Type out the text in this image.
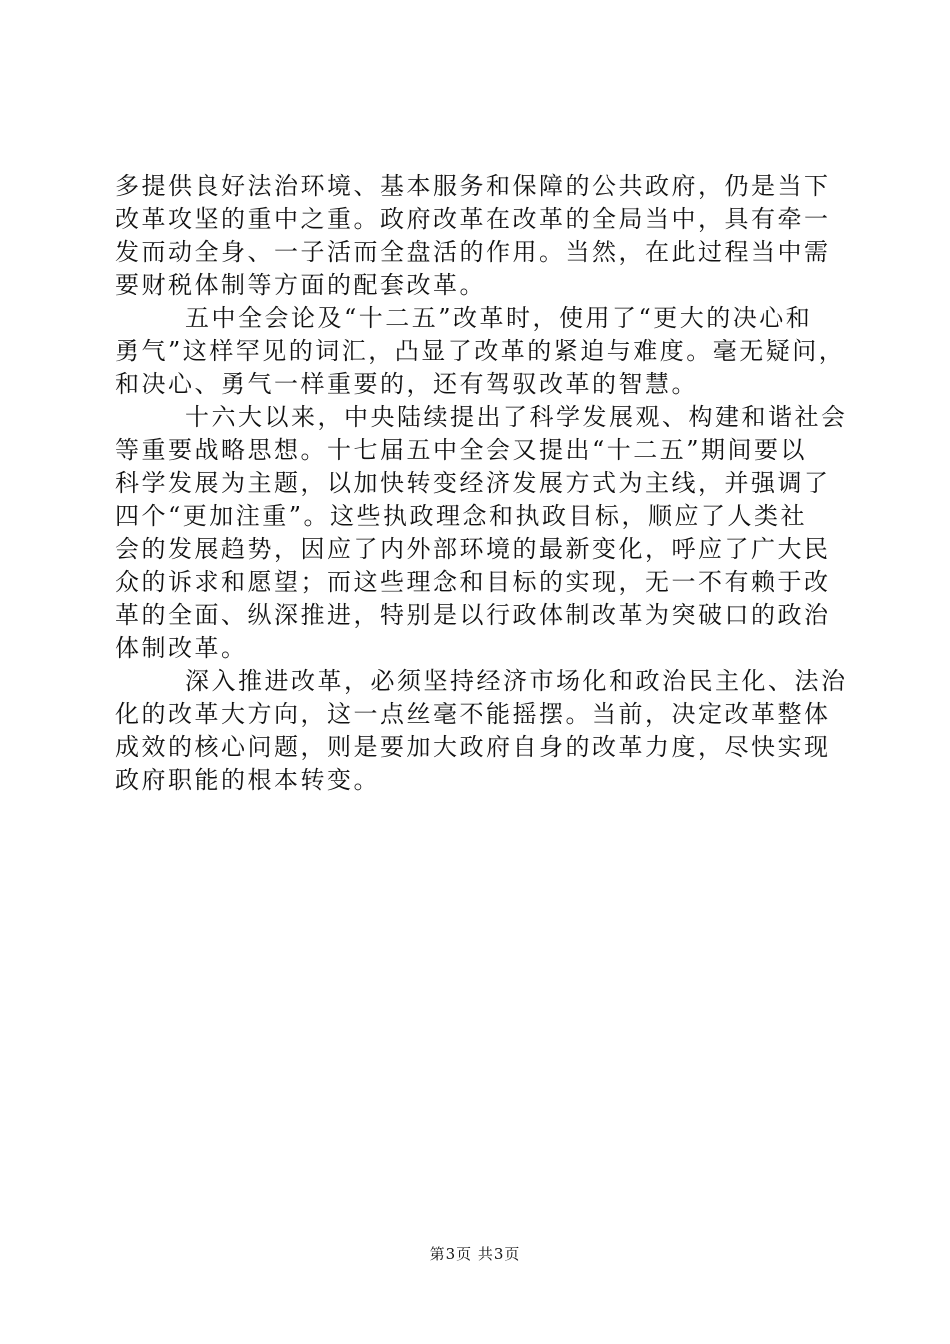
多提供良好法治环境、基本服务和保障的公共政府，仍是当下
改革攻坚的重中之重。政府改革在改革的全局当中，具有牵一
发而动全身、一子活而全盘活的作用。当然，在此过程当中需
要财税体制等方面的配套改革。

五中全会论及“十二五”改革时，使用了“更大的决心和
勇气”这样罕见的词汇，凸显了改革的紧迫与难度。毫无疑问，
和决心、勇气一样重要的，还有驾驭改革的智慧。

十六大以来，中央陆续提出了科学发展观、构建和谐社会
等重要战略思想。十七届五中全会又提出“十二五”期间要以
科学发展为主题，以加快转变经济发展方式为主线，并强调了
四个“更加注重”。这些执政理念和执政目标，顺应了人类社
会的发展趋势，因应了内外部环境的最新变化，呼应了广大民
众的诉求和愿望；而这些理念和目标的实现，无一不有赖于改
革的全面、纵深推进，特别是以行政体制改革为突破口的政治
体制改革。

深入推进改革，必须坚持经济市场化和政治民主化、法治
化的改革大方向，这一点丝毫不能摇摆。当前，决定改革整体
成效的核心问题，则是要加大政府自身的改革力度，尽快实现
政府职能的根本转变。

第3页 共3页
